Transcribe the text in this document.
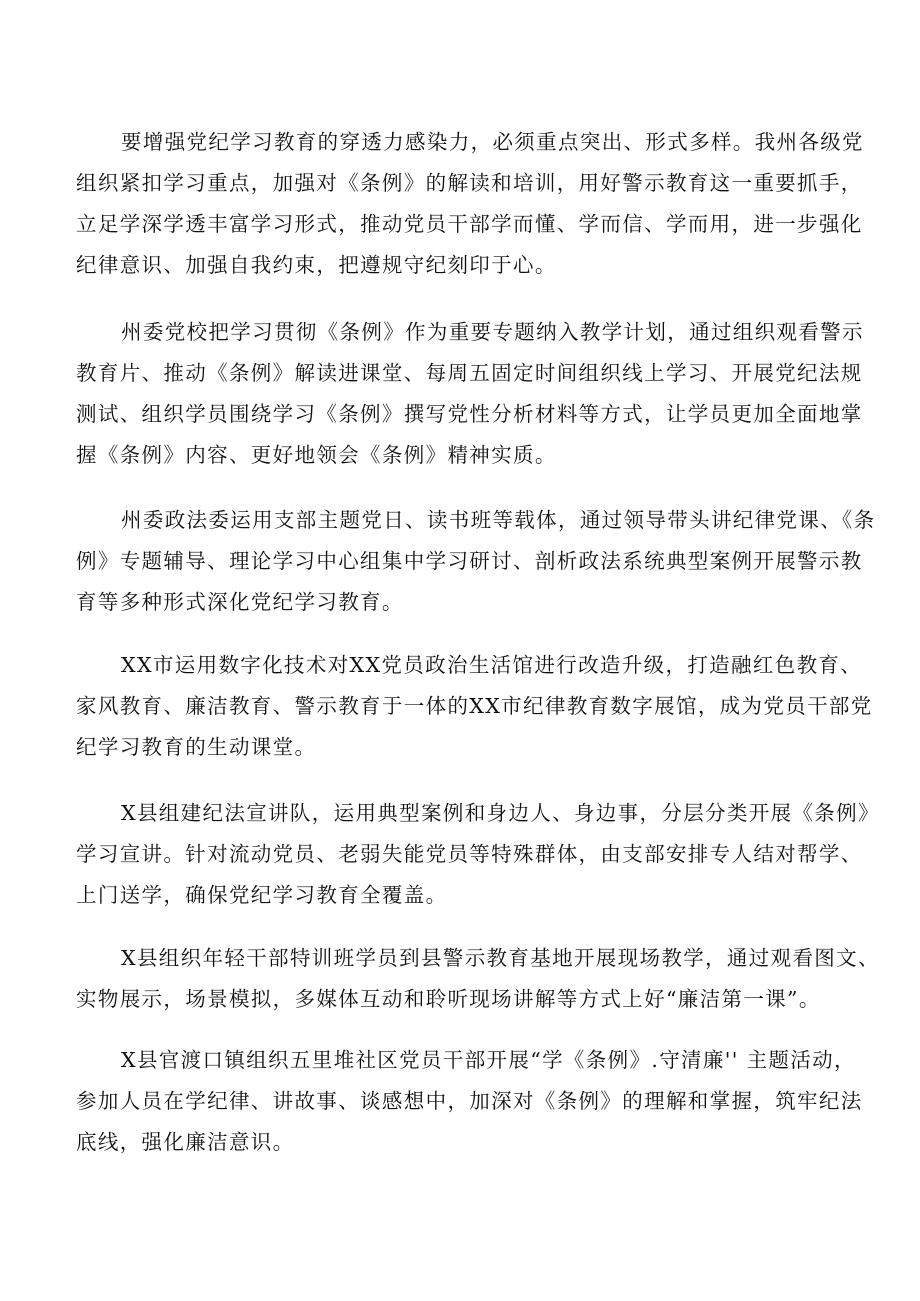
要增强党纪学习教育的穿透力感染力，必须重点突出、形式多样。我州各级党
组织紧扣学习重点，加强对《条例》的解读和培训，用好警示教育这一重要抓手，
立足学深学透丰富学习形式，推动党员干部学而懂、学而信、学而用，进一步强化
纪律意识、加强自我约束，把遵规守纪刻印于心。
州委党校把学习贯彻《条例》作为重要专题纳入教学计划，通过组织观看警示
教育片、推动《条例》解读进课堂、每周五固定时间组织线上学习、开展党纪法规
测试、组织学员围绕学习《条例》撰写党性分析材料等方式，让学员更加全面地掌
握《条例》内容、更好地领会《条例》精神实质。
州委政法委运用支部主题党日、读书班等载体，通过领导带头讲纪律党课、《条
例》专题辅导、理论学习中心组集中学习研讨、剖析政法系统典型案例开展警示教
育等多种形式深化党纪学习教育。
XX市运用数字化技术对XX党员政治生活馆进行改造升级，打造融红色教育、
家风教育、廉洁教育、警示教育于一体的XX市纪律教育数字展馆，成为党员干部党
纪学习教育的生动课堂。
X县组建纪法宣讲队，运用典型案例和身边人、身边事，分层分类开展《条例》
学习宣讲。针对流动党员、老弱失能党员等特殊群体，由支部安排专人结对帮学、
上门送学，确保党纪学习教育全覆盖。
X县组织年轻干部特训班学员到县警示教育基地开展现场教学，通过观看图文、
实物展示，场景模拟，多媒体互动和聆听现场讲解等方式上好“廉洁第一课”。
X县官渡口镇组织五里堆社区党员干部开展“学《条例》.守清廉'' 主题活动，
参加人员在学纪律、讲故事、谈感想中，加深对《条例》的理解和掌握，筑牢纪法
底线，强化廉洁意识。
